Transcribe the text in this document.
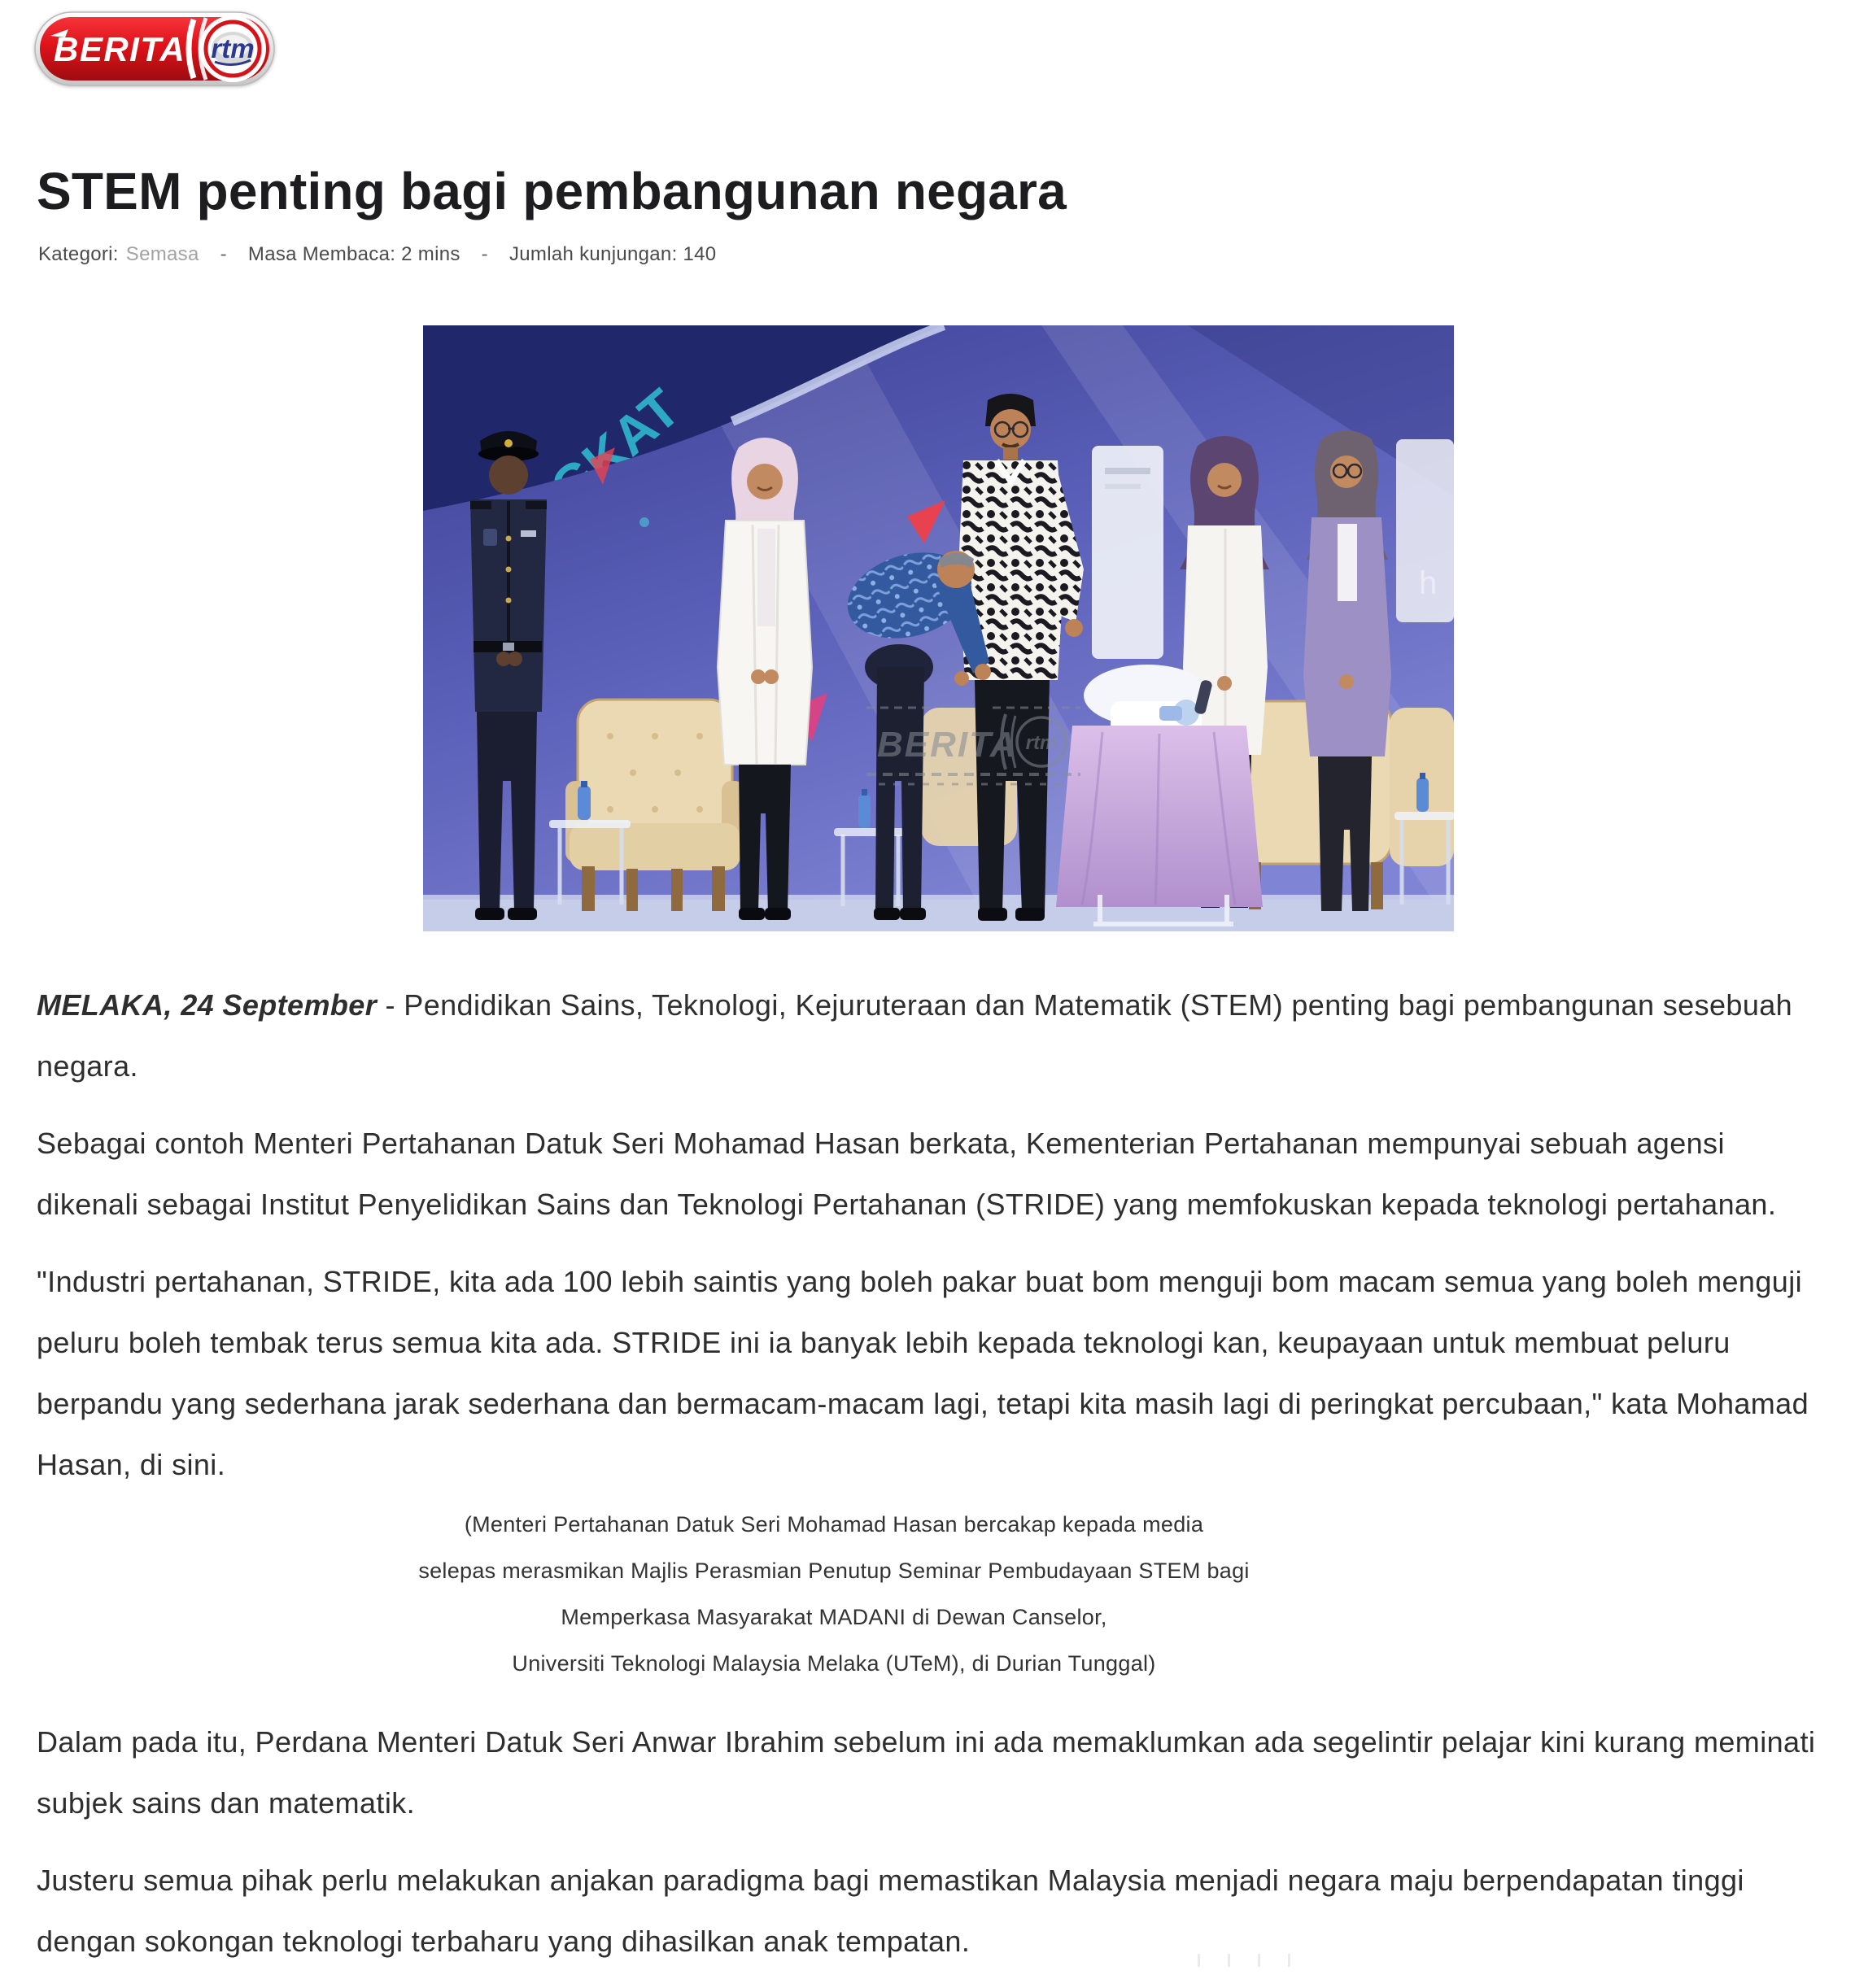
BERITA rtm
STEM penting bagi pembangunan negara
Kategori: Semasa - Masa Membaca: 2 mins - Jumlah kunjungan: 140
BERITA rtm

MELAKA, 24 September - Pendidikan Sains, Teknologi, Kejuruteraan dan Matematik (STEM) penting bagi pembangunan sesebuah negara.

Sebagai contoh Menteri Pertahanan Datuk Seri Mohamad Hasan berkata, Kementerian Pertahanan mempunyai sebuah agensi dikenali sebagai Institut Penyelidikan Sains dan Teknologi Pertahanan (STRIDE) yang memfokuskan kepada teknologi pertahanan.

"Industri pertahanan, STRIDE, kita ada 100 lebih saintis yang boleh pakar buat bom menguji bom macam semua yang boleh menguji peluru boleh tembak terus semua kita ada. STRIDE ini ia banyak lebih kepada teknologi kan, keupayaan untuk membuat peluru berpandu yang sederhana jarak sederhana dan bermacam-macam lagi, tetapi kita masih lagi di peringkat percubaan," kata Mohamad Hasan, di sini.

(Menteri Pertahanan Datuk Seri Mohamad Hasan bercakap kepada media
selepas merasmikan Majlis Perasmian Penutup Seminar Pembudayaan STEM bagi
Memperkasa Masyarakat MADANI di Dewan Canselor,
Universiti Teknologi Malaysia Melaka (UTeM), di Durian Tunggal)

Dalam pada itu, Perdana Menteri Datuk Seri Anwar Ibrahim sebelum ini ada memaklumkan ada segelintir pelajar kini kurang meminati subjek sains dan matematik.

Justeru semua pihak perlu melakukan anjakan paradigma bagi memastikan Malaysia menjadi negara maju berpendapatan tinggi dengan sokongan teknologi terbaharu yang dihasilkan anak tempatan.
